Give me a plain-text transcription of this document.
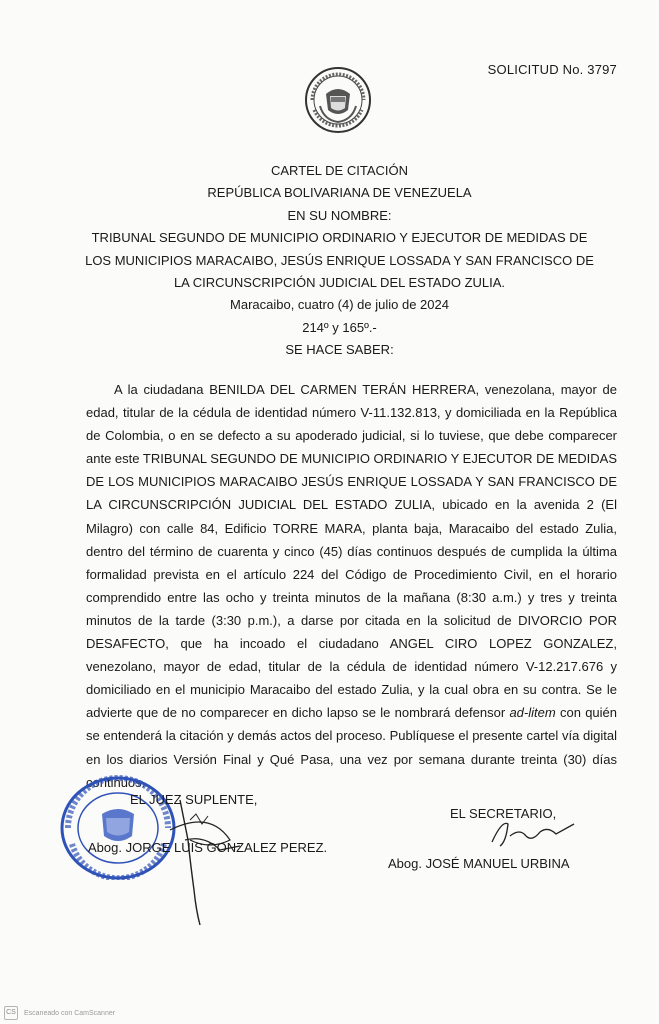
SOLICITUD No. 3797
CARTEL DE CITACIÓN
REPÚBLICA BOLIVARIANA DE VENEZUELA
EN SU NOMBRE:
TRIBUNAL SEGUNDO DE MUNICIPIO ORDINARIO Y EJECUTOR DE MEDIDAS DE
LOS MUNICIPIOS MARACAIBO, JESÚS ENRIQUE LOSSADA Y SAN FRANCISCO DE
LA CIRCUNSCRIPCIÓN JUDICIAL DEL ESTADO ZULIA.
Maracaibo, cuatro (4) de julio de 2024
214º y 165º.-
SE HACE SABER:
A la ciudadana BENILDA DEL CARMEN TERÁN HERRERA, venezolana, mayor de edad, titular de la cédula de identidad número V-11.132.813, y domiciliada en la República de Colombia, o en se defecto a su apoderado judicial, si lo tuviese, que debe comparecer ante este TRIBUNAL SEGUNDO DE MUNICIPIO ORDINARIO Y EJECUTOR DE MEDIDAS DE LOS MUNICIPIOS MARACAIBO JESÚS ENRIQUE LOSSADA Y SAN FRANCISCO DE LA CIRCUNSCRIPCIÓN JUDICIAL DEL ESTADO ZULIA, ubicado en la avenida 2 (El Milagro) con calle 84, Edificio TORRE MARA, planta baja, Maracaibo del estado Zulia, dentro del término de cuarenta y cinco (45) días continuos después de cumplida la última formalidad prevista en el artículo 224 del Código de Procedimiento Civil, en el horario comprendido entre las ocho y treinta minutos de la mañana (8:30 a.m.) y tres y treinta minutos de la tarde (3:30 p.m.), a darse por citada en la solicitud de DIVORCIO POR DESAFECTO, que ha incoado el ciudadano ANGEL CIRO LOPEZ GONZALEZ, venezolano, mayor de edad, titular de la cédula de identidad número V-12.217.676 y domiciliado en el municipio Maracaibo del estado Zulia, y la cual obra en su contra. Se le advierte que de no comparecer en dicho lapso se le nombrará defensor ad-litem con quién se entenderá la citación y demás actos del proceso. Publíquese el presente cartel vía digital en los diarios Versión Final y Qué Pasa, una vez por semana durante treinta (30) días continuos.
EL JUEZ SUPLENTE,
Abog. JORGE LUIS GONZALEZ PEREZ.
EL SECRETARIO,
Abog. JOSÉ MANUEL URBINA
CS	Escaneado con CamScanner
